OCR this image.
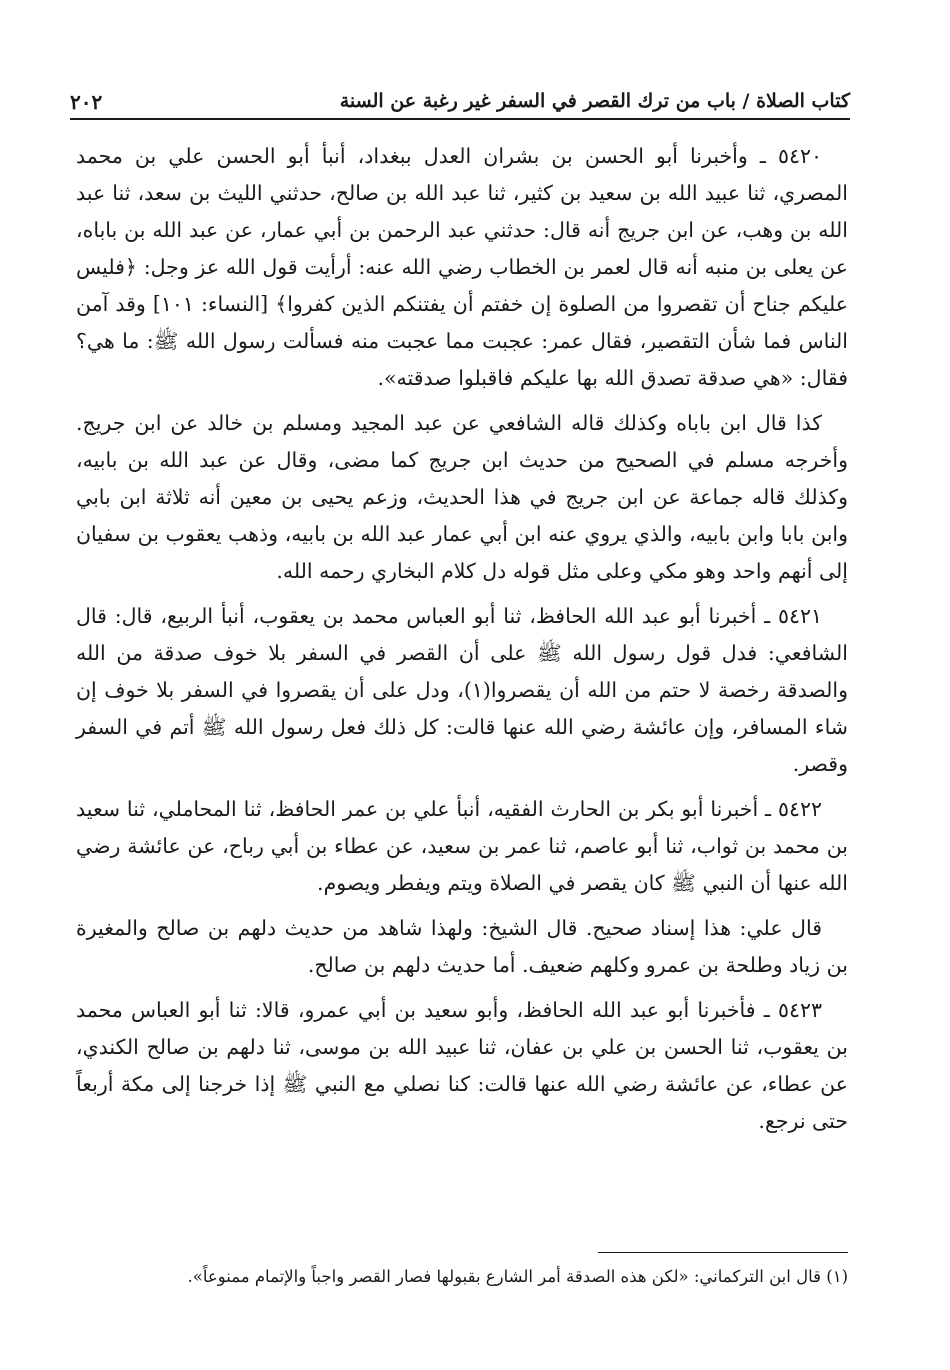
كتاب الصلاة / باب من ترك القصر في السفر غير رغبة عن السنة
٢٠٢

٥٤٢٠ ـ وأخبرنا أبو الحسن بن بشران العدل ببغداد، أنبأ أبو الحسن علي بن محمد المصري، ثنا عبيد الله بن سعيد بن كثير، ثنا عبد الله بن صالح، حدثني الليث بن سعد، ثنا عبد الله بن وهب، عن ابن جريج أنه قال: حدثني عبد الرحمن بن أبي عمار، عن عبد الله بن باباه، عن يعلى بن منبه أنه قال لعمر بن الخطاب رضي الله عنه: أرأيت قول الله عز وجل: ﴿فليس عليكم جناح أن تقصروا من الصلوة إن خفتم أن يفتنكم الذين كفروا﴾ [النساء: ١٠١] وقد آمن الناس فما شأن التقصير، فقال عمر: عجبت مما عجبت منه فسألت رسول الله ﷺ: ما هي؟ فقال: «هي صدقة تصدق الله بها عليكم فاقبلوا صدقته».

كذا قال ابن باباه وكذلك قاله الشافعي عن عبد المجيد ومسلم بن خالد عن ابن جريج. وأخرجه مسلم في الصحيح من حديث ابن جريج كما مضى، وقال عن عبد الله بن بابيه، وكذلك قاله جماعة عن ابن جريج في هذا الحديث، وزعم يحيى بن معين أنه ثلاثة ابن بابي وابن بابا وابن بابيه، والذي يروي عنه ابن أبي عمار عبد الله بن بابيه، وذهب يعقوب بن سفيان إلى أنهم واحد وهو مكي وعلى مثل قوله دل كلام البخاري رحمه الله.

٥٤٢١ ـ أخبرنا أبو عبد الله الحافظ، ثنا أبو العباس محمد بن يعقوب، أنبأ الربيع، قال: قال الشافعي: فدل قول رسول الله ﷺ على أن القصر في السفر بلا خوف صدقة من الله والصدقة رخصة لا حتم من الله أن يقصروا(١)، ودل على أن يقصروا في السفر بلا خوف إن شاء المسافر، وإن عائشة رضي الله عنها قالت: كل ذلك فعل رسول الله ﷺ أتم في السفر وقصر.

٥٤٢٢ ـ أخبرنا أبو بكر بن الحارث الفقيه، أنبأ علي بن عمر الحافظ، ثنا المحاملي، ثنا سعيد بن محمد بن ثواب، ثنا أبو عاصم، ثنا عمر بن سعيد، عن عطاء بن أبي رباح، عن عائشة رضي الله عنها أن النبي ﷺ كان يقصر في الصلاة ويتم ويفطر ويصوم.

قال علي: هذا إسناد صحيح. قال الشيخ: ولهذا شاهد من حديث دلهم بن صالح والمغيرة بن زياد وطلحة بن عمرو وكلهم ضعيف. أما حديث دلهم بن صالح.

٥٤٢٣ ـ فأخبرنا أبو عبد الله الحافظ، وأبو سعيد بن أبي عمرو، قالا: ثنا أبو العباس محمد بن يعقوب، ثنا الحسن بن علي بن عفان، ثنا عبيد الله بن موسى، ثنا دلهم بن صالح الكندي، عن عطاء، عن عائشة رضي الله عنها قالت: كنا نصلي مع النبي ﷺ إذا خرجنا إلى مكة أربعاً حتى نرجع.

(١) قال ابن التركماني: «لكن هذه الصدقة أمر الشارع بقبولها فصار القصر واجباً والإتمام ممنوعاً».
